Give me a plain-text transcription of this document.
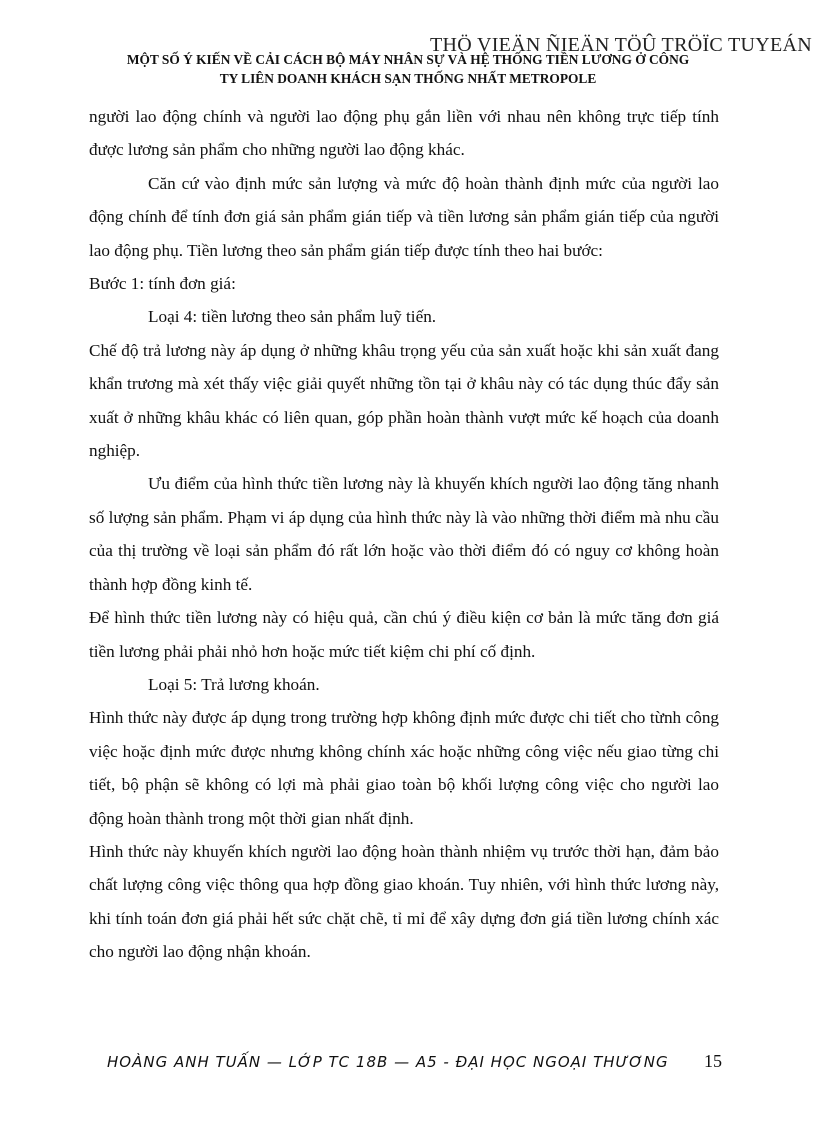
THÖ VIEÄN ÑIEÄN TÖÛ TRÖÏC TUYEÁN
MỘT SỐ Ý KIẾN VỀ CẢI CÁCH BỘ MÁY NHÂN SỰ VÀ HỆ THỐNG TIỀN LƯƠNG Ở CÔNG
TY LIÊN DOANH KHÁCH SẠN THỐNG NHẤT METROPOLE

người lao động chính và người lao động phụ gắn liền với nhau nên không trực tiếp tính được lương sản phẩm cho những người lao động khác.

Căn cứ vào định mức sản lượng và mức độ hoàn thành định mức của người lao động chính để tính đơn giá sản phẩm gián tiếp và tiền lương sản phẩm gián tiếp của người lao động phụ. Tiền lương theo sản phẩm gián tiếp được tính theo hai bước:

Bước 1: tính đơn giá:

Loại 4: tiền lương theo sản phẩm luỹ tiến.

Chế độ trả lương này áp dụng ở những khâu trọng yếu của sản xuất hoặc khi sản xuất đang khẩn trương mà xét thấy việc giải quyết những tồn tại ở khâu này có tác dụng thúc đẩy sản xuất ở những khâu khác có liên quan, góp phần hoàn thành vượt mức kế hoạch của doanh nghiệp.

Ưu điểm của hình thức tiền lương này là khuyến khích người lao động tăng nhanh số lượng sản phẩm. Phạm vi áp dụng của hình thức này là vào những thời điểm mà nhu cầu của thị trường về loại sản phẩm đó rất lớn hoặc vào thời điểm đó có nguy cơ không hoàn thành hợp đồng kinh tế.

Để hình thức tiền lương này có hiệu quả, cần chú ý điều kiện cơ bản là mức tăng đơn giá tiền lương phải phải nhỏ hơn hoặc mức tiết kiệm chi phí cố định.

Loại 5: Trả lương khoán.

Hình thức này được áp dụng trong trường hợp không định mức được chi tiết cho từnh công việc hoặc định mức được nhưng không chính xác hoặc những công việc nếu giao từng chi tiết, bộ phận sẽ không có lợi mà phải giao toàn bộ khối lượng công việc cho người lao động hoàn thành trong một thời gian nhất định.

Hình thức này khuyến khích người lao động hoàn thành nhiệm vụ trước thời hạn, đảm bảo chất lượng công việc thông qua hợp đồng giao khoán. Tuy nhiên, với hình thức lương này, khi tính toán đơn giá phải hết sức chặt chẽ, tỉ mỉ để xây dựng đơn giá tiền lương chính xác cho người lao động nhận khoán.

HOÀNG ANH TUẤN — LỚP TC 18B — A5 - ĐẠI HỌC NGOẠI THƯƠNG 15
